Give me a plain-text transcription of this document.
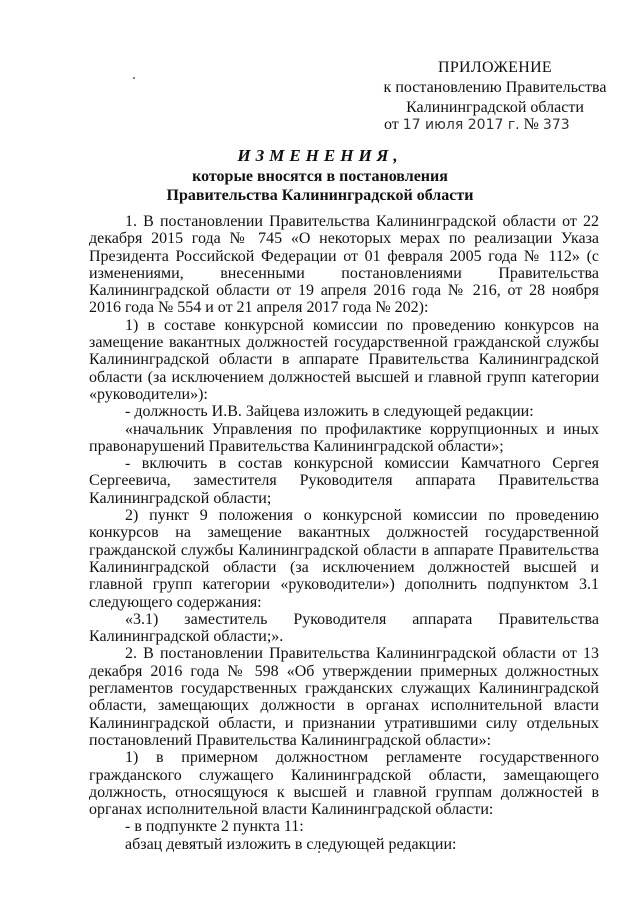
ПРИЛОЖЕНИЕ
к постановлению Правительства
Калининградской области
от 17 июля 2017 г. № 373
ИЗМЕНЕНИЯ,
которые вносятся в постановления
Правительства Калининградской области

1. В постановлении Правительства Калининградской области от 22 декабря 2015 года № 745 «О некоторых мерах по реализации Указа Президента Российской Федерации от 01 февраля 2005 года № 112» (с изменениями, внесенными постановлениями Правительства Калининградской области от 19 апреля 2016 года № 216, от 28 ноября 2016 года № 554 и от 21 апреля 2017 года № 202):

1) в составе конкурсной комиссии по проведению конкурсов на замещение вакантных должностей государственной гражданской службы Калининградской области в аппарате Правительства Калининградской области (за исключением должностей высшей и главной групп категории «руководители»):

- должность И.В. Зайцева изложить в следующей редакции:

«начальник Управления по профилактике коррупционных и иных правонарушений Правительства Калининградской области»;

- включить в состав конкурсной комиссии Камчатного Сергея Сергеевича, заместителя Руководителя аппарата Правительства Калининградской области;

2) пункт 9 положения о конкурсной комиссии по проведению конкурсов на замещение вакантных должностей государственной гражданской службы Калининградской области в аппарате Правительства Калининградской области (за исключением должностей высшей и главной групп категории «руководители») дополнить подпунктом 3.1 следующего содержания:

«3.1) заместитель Руководителя аппарата Правительства Калининградской области;».

2. В постановлении Правительства Калининградской области от 13 декабря 2016 года № 598 «Об утверждении примерных должностных регламентов государственных гражданских служащих Калининградской области, замещающих должности в органах исполнительной власти Калининградской области, и признании утратившими силу отдельных постановлений Правительства Калининградской области»:

1) в примерном должностном регламенте государственного гражданского служащего Калининградской области, замещающего должность, относящуюся к высшей и главной группам должностей в органах исполнительной власти Калининградской области:

- в подпункте 2 пункта 11:

абзац девятый изложить в следующей редакции:
